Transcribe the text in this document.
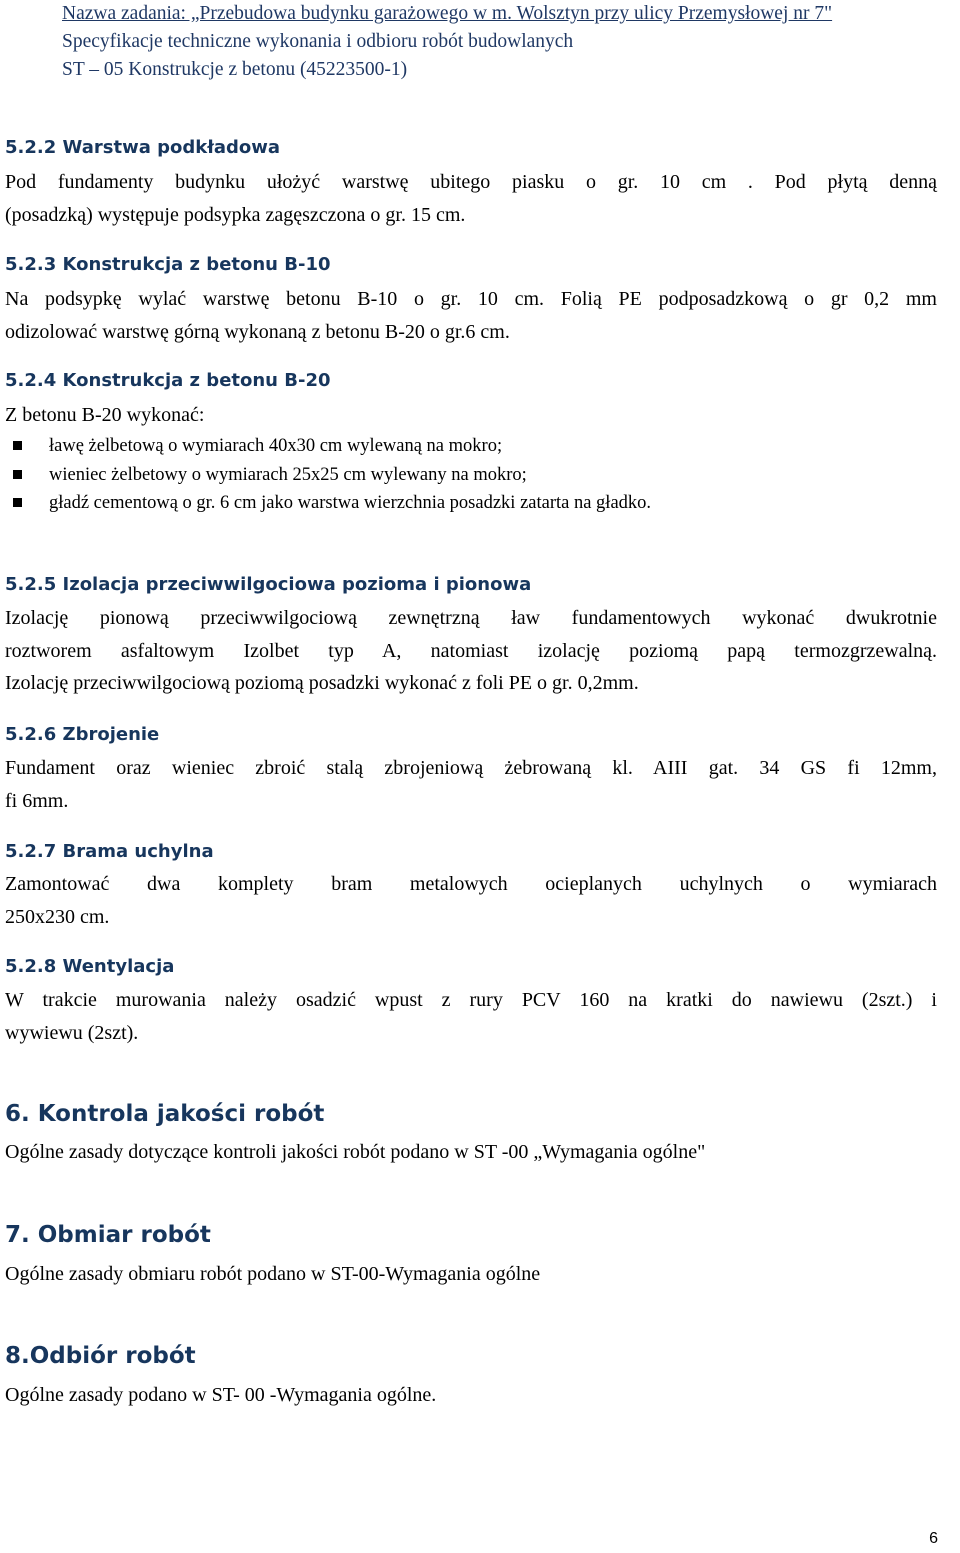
Nazwa zadania: „Przebudowa budynku garażowego w m. Wolsztyn przy ulicy Przemysłowej nr 7"
Specyfikacje techniczne wykonania i odbioru robót budowlanych
ST – 05 Konstrukcje z betonu (45223500-1)
5.2.2 Warstwa podkładowa
Pod fundamenty budynku ułożyć warstwę ubitego piasku o gr. 10 cm . Pod płytą denną
(posadzką) występuje podsypka zagęszczona o gr. 15 cm.
5.2.3 Konstrukcja z betonu B-10
Na podsypkę wylać warstwę betonu B-10 o gr. 10 cm. Folią PE podposadzkową o gr 0,2 mm
odizolować warstwę górną wykonaną z betonu B-20 o gr.6 cm.
5.2.4 Konstrukcja z betonu B-20
Z betonu B-20 wykonać:
ławę żelbetową o wymiarach 40x30 cm wylewaną na mokro;
wieniec żelbetowy o wymiarach 25x25 cm wylewany na mokro;
gładź cementową o gr. 6 cm jako warstwa wierzchnia posadzki zatarta na gładko.
5.2.5 Izolacja przeciwwilgociowa pozioma i pionowa
Izolację pionową przeciwwilgociową zewnętrzną ław fundamentowych wykonać dwukrotnie
roztworem asfaltowym Izolbet typ A, natomiast izolację poziomą papą termozgrzewalną.
Izolację przeciwwilgociową poziomą posadzki wykonać z foli PE o gr. 0,2mm.
5.2.6 Zbrojenie
Fundament oraz wieniec zbroić stalą zbrojeniową żebrowaną kl. AIII gat. 34 GS fi 12mm,
fi 6mm.
5.2.7 Brama uchylna
Zamontować dwa komplety bram metalowych ocieplanych uchylnych o wymiarach
250x230 cm.
5.2.8 Wentylacja
W trakcie murowania należy osadzić wpust z rury PCV 160 na kratki do nawiewu (2szt.) i
wywiewu (2szt).
6. Kontrola jakości robót
Ogólne zasady dotyczące kontroli jakości robót podano w ST -00 „Wymagania ogólne"
7. Obmiar robót
Ogólne zasady obmiaru robót podano w ST-00-Wymagania ogólne
8.Odbiór robót
Ogólne zasady podano w ST- 00 -Wymagania ogólne.
6
